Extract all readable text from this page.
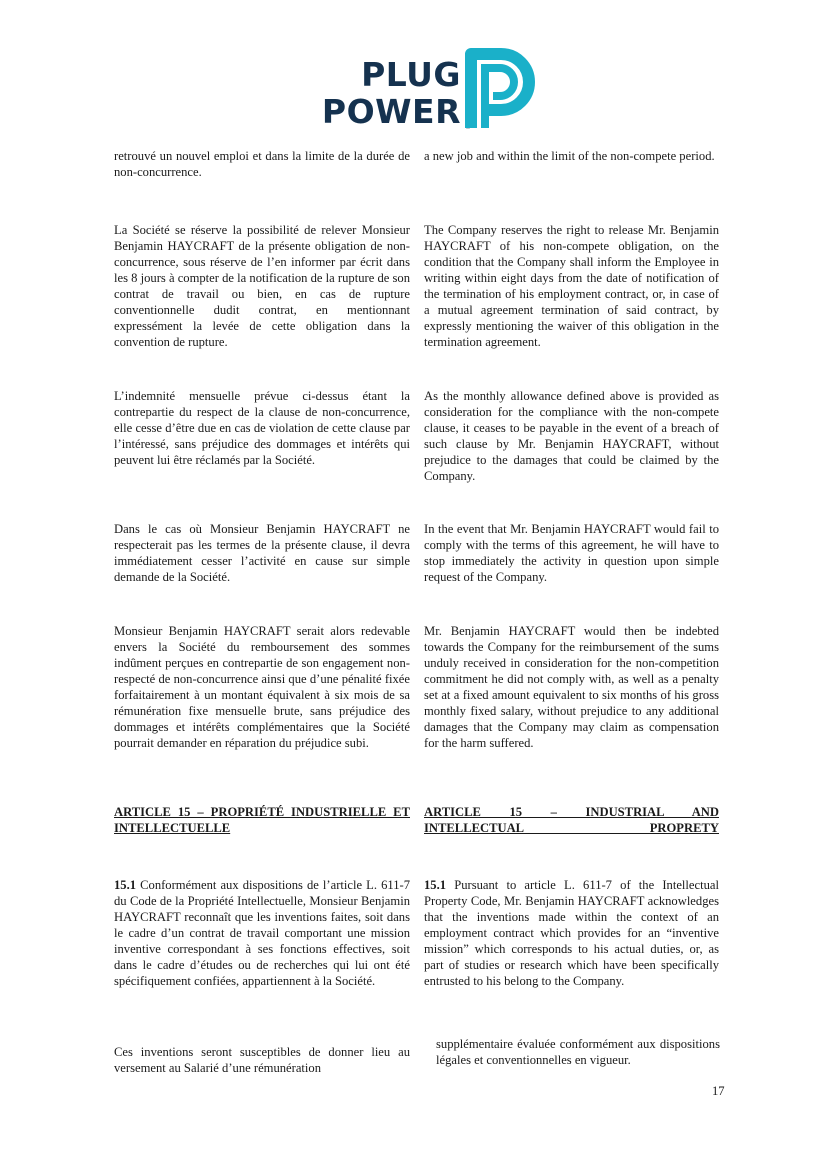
PLUG
POWER ®

retrouvé un nouvel emploi et dans la limite de la durée de non-concurrence.

La Société se réserve la possibilité de relever Monsieur Benjamin HAYCRAFT de la présente obligation de non-concurrence, sous réserve de l’en informer par écrit dans les 8 jours à compter de la notification de la rupture de son contrat de travail ou bien, en cas de rupture conventionnelle dudit contrat, en mentionnant expressément la levée de cette obligation dans la convention de rupture.

L’indemnité mensuelle prévue ci-dessus étant la contrepartie du respect de la clause de non-concurrence, elle cesse d’être due en cas de violation de cette clause par l’intéressé, sans préjudice des dommages et intérêts qui peuvent lui être réclamés par la Société.

Dans le cas où Monsieur Benjamin HAYCRAFT ne respecterait pas les termes de la présente clause, il devra immédiatement cesser l’activité en cause sur simple demande de la Société.

Monsieur Benjamin HAYCRAFT serait alors redevable envers la Société du remboursement des sommes indûment perçues en contrepartie de son engagement non-respecté de non-concurrence ainsi que d’une pénalité fixée forfaitairement à un montant équivalent à six mois de sa rémunération fixe mensuelle brute, sans préjudice des dommages et intérêts complémentaires que la Société pourrait demander en réparation du préjudice subi.

ARTICLE 15 – PROPRIÉTÉ INDUSTRIELLE ET INTELLECTUELLE

15.1 Conformément aux dispositions de l’article L. 611-7 du Code de la Propriété Intellectuelle, Monsieur Benjamin HAYCRAFT reconnaît que les inventions faites, soit dans le cadre d’un contrat de travail comportant une mission inventive correspondant à ses fonctions effectives, soit dans le cadre d’études ou de recherches qui lui ont été spécifiquement confiées, appartiennent à la Société.

Ces inventions seront susceptibles de donner lieu au versement au Salarié d’une rémunération

a new job and within the limit of the non-compete period.

The Company reserves the right to release Mr. Benjamin HAYCRAFT of his non-compete obligation, on the condition that the Company shall inform the Employee in writing within eight days from the date of notification of the termination of his employment contract, or, in case of a mutual agreement termination of said contract, by expressly mentioning the waiver of this obligation in the termination agreement.

As the monthly allowance defined above is provided as consideration for the compliance with the non-compete clause, it ceases to be payable in the event of a breach of such clause by Mr. Benjamin HAYCRAFT, without prejudice to the damages that could be claimed by the Company.

In the event that Mr. Benjamin HAYCRAFT would fail to comply with the terms of this agreement, he will have to stop immediately the activity in question upon simple request of the Company.

Mr. Benjamin HAYCRAFT would then be indebted towards the Company for the reimbursement of the sums unduly received in consideration for the non-competition commitment he did not comply with, as well as a penalty set at a fixed amount equivalent to six months of his gross monthly fixed salary, without prejudice to any additional damages that the Company may claim as compensation for the harm suffered.

ARTICLE 15 – INDUSTRIAL AND INTELLECTUAL PROPRETY

15.1 Pursuant to article L. 611-7 of the Intellectual Property Code, Mr. Benjamin HAYCRAFT acknowledges that the inventions made within the context of an employment contract which provides for an “inventive mission” which corresponds to his actual duties, or, as part of studies or research which have been specifically entrusted to his belong to the Company.

supplémentaire évaluée conformément aux dispositions légales et conventionnelles en vigueur.

17
